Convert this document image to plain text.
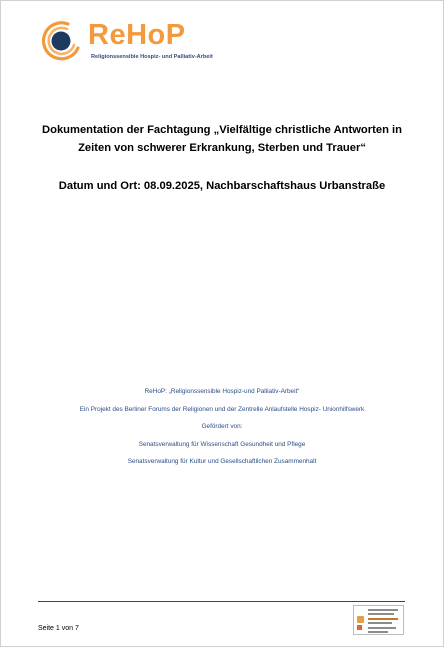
ReHoP
Religionssensible Hospiz- und Palliativ-Arbeit
Dokumentation der Fachtagung „Vielfältige christliche Antworten in
Zeiten von schwerer Erkrankung, Sterben und Trauer“
Datum und Ort: 08.09.2025, Nachbarschaftshaus Urbanstraße
ReHoP: „Religionssensible Hospiz-und Palliativ-Arbeit“
Ein Projekt des Berliner Forums der Religionen und der Zentrelle Anlaufstelle Hospiz- Unionhilfswerk
Gefördert von:
Senatsverwaltung für Wissenschaft Gesundheit und Pflege
Senatsverwaltung für Kultur und Gesellschaftlichen Zusammenhalt
Seite 1 von 7
